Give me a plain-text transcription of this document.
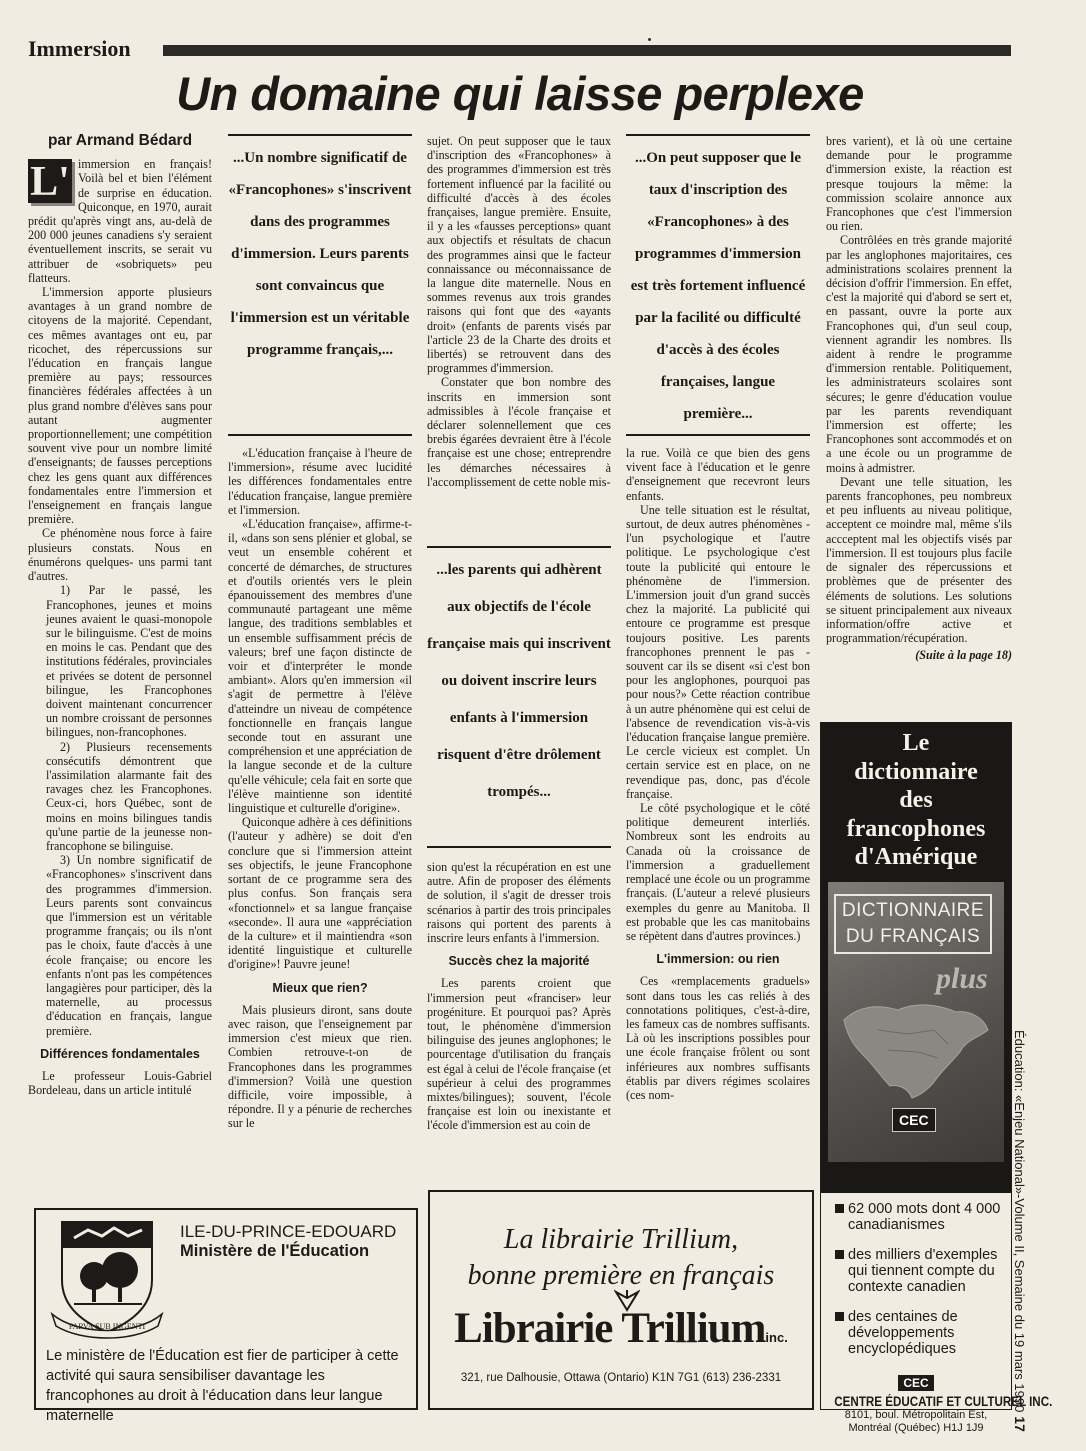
Immersion
Un domaine qui laisse perplexe
par Armand Bédard
L' immersion en français! Voilà bel et bien l'élément de surprise en éducation. Quiconque, en 1970, aurait prédit qu'après vingt ans, au-delà de 200 000 jeunes canadiens s'y seraient éventuellement inscrits, se serait vu attribuer de «sobriquets» peu flatteurs.

L'immersion apporte plusieurs avantages à un grand nombre de citoyens de la majorité. Cependant, ces mêmes avantages ont eu, par ricochet, des répercussions sur l'éducation en français langue première au pays; ressources financières fédérales affectées à un plus grand nombre d'élèves sans pour autant augmenter proportionnellement; une compétition souvent vive pour un nombre limité d'enseignants; de fausses perceptions chez les gens quant aux différences fondamentales entre l'immersion et l'enseignement en français langue première.

Ce phénomène nous force à faire plusieurs constats. Nous en énumérons quelques- uns parmi tant d'autres.

1) Par le passé, les Francophones, jeunes et moins jeunes avaient le quasi-monopole sur le bilinguisme. C'est de moins en moins le cas. Pendant que des institutions fédérales, provinciales et privées se dotent de personnel bilingue, les Francophones doivent maintenant concurrencer un nombre croissant de personnes bilingues, non-francophones.

2) Plusieurs recensements consécutifs démontrent que l'assimilation alarmante fait des ravages chez les Francophones. Ceux-ci, hors Québec, sont de moins en moins bilingues tandis qu'une partie de la jeunesse non-francophone se bilinguise.

3) Un nombre significatif de «Francophones» s'inscrivent dans des programmes d'immersion. Leurs parents sont convaincus que l'immersion est un véritable programme français; ou ils n'ont pas le choix, faute d'accès à une école française; ou encore les enfants n'ont pas les compétences langagières pour participer, dès la maternelle, au processus d'éducation en français, langue première.

Différences fondamentales

Le professeur Louis-Gabriel Bordeleau, dans un article intitulé

...Un nombre significatif de «Francophones» s'inscrivent dans des programmes d'immersion. Leurs parents sont convaincus que l'immersion est un véritable programme français,...

«L'éducation française à l'heure de l'immersion», résume avec lucidité les différences fondamentales entre l'éducation française, langue première et l'immersion.

«L'éducation française», affirme-t-il, «dans son sens plénier et global, se veut un ensemble cohérent et concerté de démarches, de structures et d'outils orientés vers le plein épanouissement des membres d'une communauté partageant une même langue, des traditions semblables et un ensemble suffisamment précis de valeurs; bref une façon distincte de voir et d'interpréter le monde ambiant». Alors qu'en immersion «il s'agit de permettre à l'élève d'atteindre un niveau de compétence fonctionnelle en français langue seconde tout en assurant une compréhension et une appréciation de la langue seconde et de la culture qu'elle véhicule; cela fait en sorte que l'élève maintienne son identité linguistique et culturelle d'origine».

Quiconque adhère à ces définitions (l'auteur y adhère) se doit d'en conclure que si l'immersion atteint ses objectifs, le jeune Francophone sortant de ce programme sera des plus confus. Son français sera «fonctionnel» et sa langue française «seconde». Il aura une «appréciation de la culture» et il maintiendra «son identité linguistique et culturelle d'origine»! Pauvre jeune!

Mieux que rien?

Mais plusieurs diront, sans doute avec raison, que l'enseignement par immersion c'est mieux que rien. Combien retrouve-t-on de Francophones dans les programmes d'immersion? Voilà une question difficile, voire impossible, à répondre. Il y a pénurie de recherches sur le

sujet. On peut supposer que le taux d'inscription des «Francophones» à des programmes d'immersion est très fortement influencé par la facilité ou difficulté d'accès à des écoles françaises, langue première. Ensuite, il y a les «fausses perceptions» quant aux objectifs et résultats de chacun des programmes ainsi que le facteur connaissance ou méconnaissance de la langue dite maternelle. Nous en sommes revenus aux trois grandes raisons qui font que des «ayants droit» (enfants de parents visés par l'article 23 de la Charte des droits et libertés) se retrouvent dans des programmes d'immersion.

Constater que bon nombre des inscrits en immersion sont admissibles à l'école française et déclarer solennellement que ces brebis égarées devraient être à l'école française est une chose; entreprendre les démarches nécessaires à l'accomplissement de cette noble mis-

...les parents qui adhèrent aux objectifs de l'école française mais qui inscrivent ou doivent inscrire leurs enfants à l'immersion risquent d'être drôlement trompés...

sion qu'est la récupération en est une autre. Afin de proposer des éléments de solution, il s'agit de dresser trois scénarios à partir des trois principales raisons qui portent des parents à inscrire leurs enfants à l'immersion.

Succès chez la majorité

Les parents croient que l'immersion peut «franciser» leur progéniture. Et pourquoi pas? Après tout, le phénomène d'immersion bilinguise des jeunes anglophones; le pourcentage d'utilisation du français est égal à celui de l'école française (et supérieur à celui des programmes mixtes/bilingues); souvent, l'école française est loin ou inexistante et l'école d'immersion est au coin de

...On peut supposer que le taux d'inscription des «Francophones» à des programmes d'immersion est très fortement influencé par la facilité ou difficulté d'accès à des écoles françaises, langue première...

la rue. Voilà ce que bien des gens vivent face à l'éducation et le genre d'enseignement que recevront leurs enfants.

Une telle situation est le résultat, surtout, de deux autres phénomènes - l'un psychologique et l'autre politique. Le psychologique c'est toute la publicité qui entoure le phénomène de l'immersion. L'immersion jouit d'un grand succès chez la majorité. La publicité qui entoure ce programme est presque toujours positive. Les parents francophones prennent le pas - souvent car ils se disent «si c'est bon pour les anglophones, pourquoi pas pour nous?» Cette réaction contribue à un autre phénomène qui est celui de l'absence de revendication vis-à-vis l'éducation française langue première. Le cercle vicieux est complet. Un certain service est en place, on ne revendique pas, donc, pas d'école française.

Le côté psychologique et le côté politique demeurent interliés. Nombreux sont les endroits au Canada où la croissance de l'immersion a graduellement remplacé une école ou un programme français. (L'auteur a relevé plusieurs exemples du genre au Manitoba. Il est probable que les cas manitobains se répètent dans d'autres provinces.)

L'immersion: ou rien

Ces «remplacements graduels» sont dans tous les cas reliés à des connotations politiques, c'est-à-dire, les fameux cas de nombres suffisants. Là où les inscriptions possibles pour une école française frôlent ou sont inférieures aux nombres suffisants établis par divers régimes scolaires (ces nom-

bres varient), et là où une certaine demande pour le programme d'immersion existe, la réaction est presque toujours la même: la commission scolaire annonce aux Francophones que c'est l'immersion ou rien.

Contrôlées en très grande majorité par les anglophones majoritaires, ces administrations scolaires prennent la décision d'offrir l'immersion. En effet, c'est la majorité qui d'abord se sert et, en passant, ouvre la porte aux Francophones qui, d'un seul coup, viennent agrandir les nombres. Ils aident à rendre le programme d'immersion rentable. Politiquement, les administrateurs scolaires sont sécures; le genre d'éducation voulue par les parents revendiquant l'immersion est offerte; les Francophones sont accommodés et on a une école ou un programme de moins à admistrer.

Devant une telle situation, les parents francophones, peu nombreux et peu influents au niveau politique, acceptent ce moindre mal, même s'ils accceptent mal les objectifs visés par l'immersion. Il est toujours plus facile de signaler des répercussions et problèmes que de présenter des éléments de solutions. Les solutions se situent principalement aux niveaux information/offre active et programmation/récupération.

(Suite à la page 18)
Le
dictionnaire
des
francophones
d'Amérique
DICTIONNAIRE
DU FRANÇAIS
plus
CEC
62 000 mots dont 4 000 canadianismes
des milliers d'exemples qui tiennent compte du contexte canadien
des centaines de développements encyclopédiques
CEC
CENTRE ÉDUCATIF ET CULTUREL INC.
8101, boul. Métropolitain Est,
Montréal (Québec) H1J 1J9
PARVA SUB INGENTI
ILE-DU-PRINCE-EDOUARD
Ministère de l'Éducation
Le ministère de l'Éducation est fier de participer à cette activité qui saura sensibiliser davantage les francophones au droit à l'éducation dans leur langue maternelle
La librairie Trillium,
bonne première en français
Librairie Trilliuminc.
321, rue Dalhousie, Ottawa (Ontario) K1N 7G1 (613) 236-2331	Éducation: «Enjeu National»-Volume II, Semaine du 19 mars 199017
